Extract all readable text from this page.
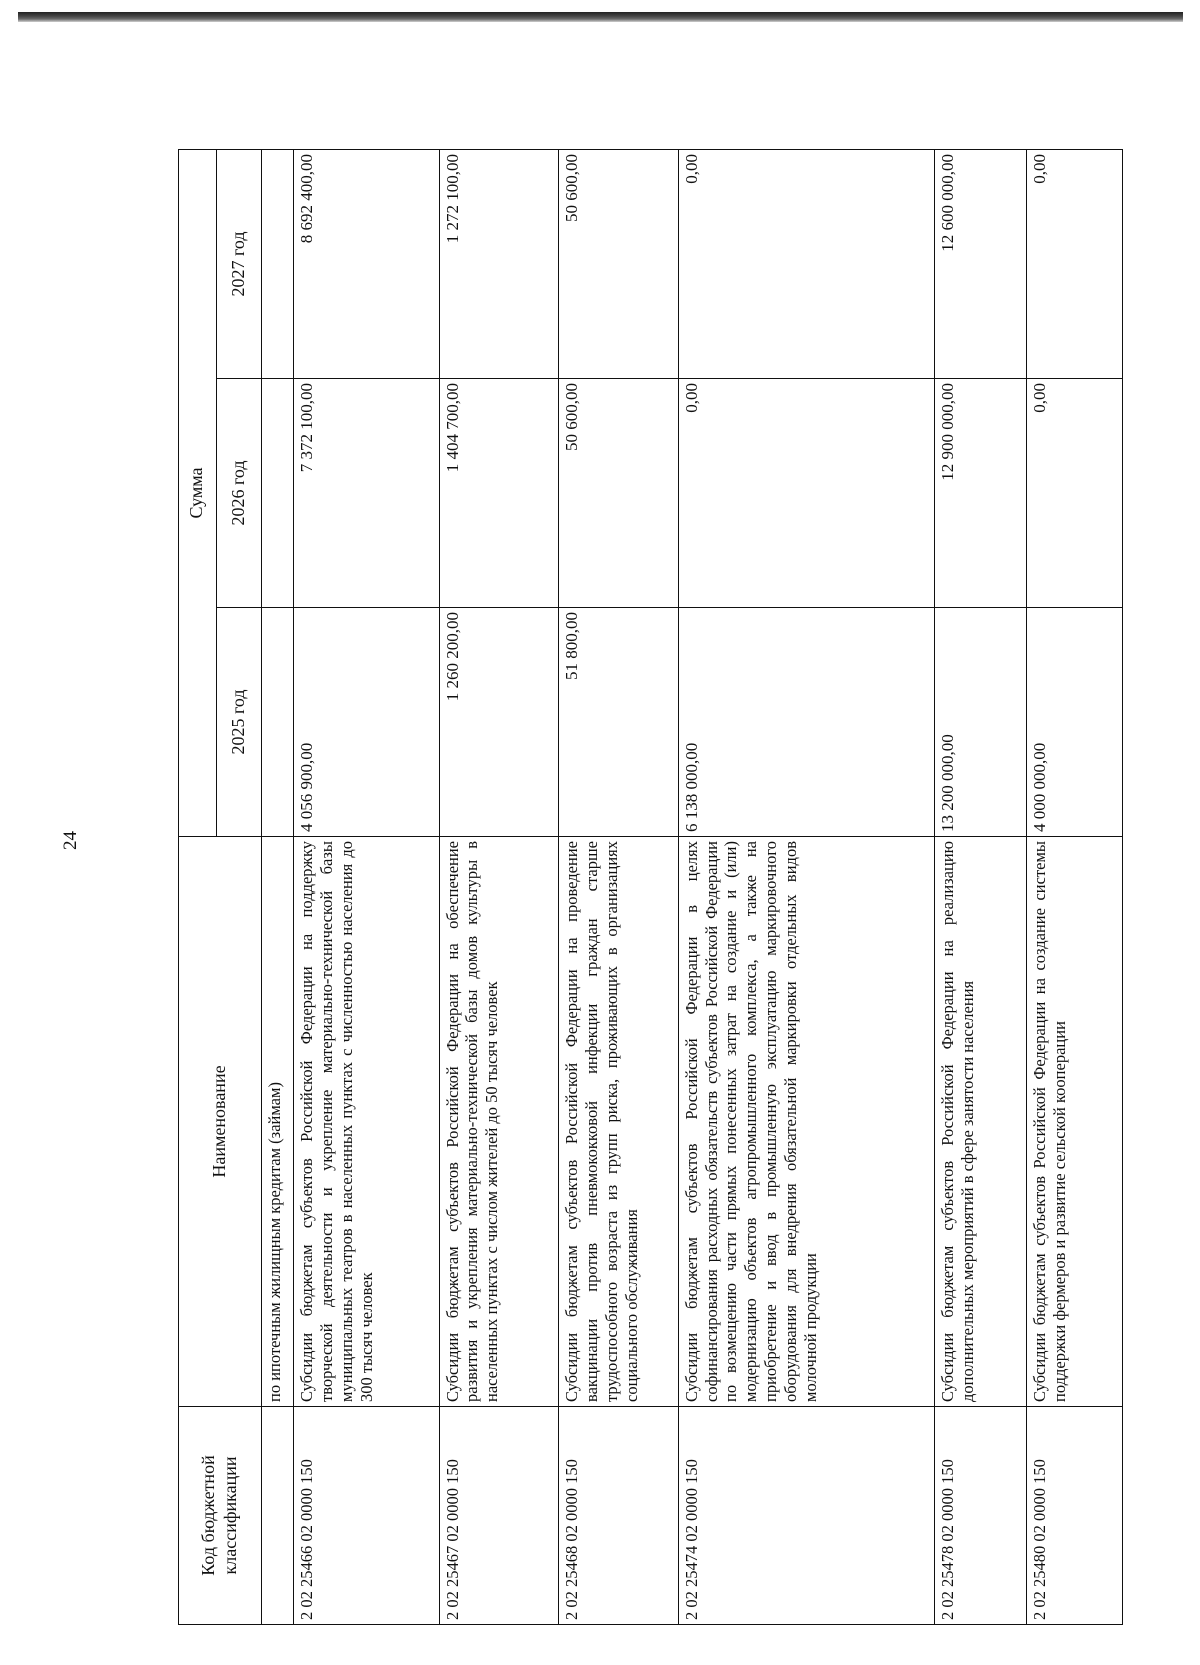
24
Код бюджетной классификации	Наименование	Сумма		
		2025 год	2026 год	2027 год
	по ипотечным жилищным кредитам (займам)			
2 02 25466 02 0000 150	Субсидии бюджетам субъектов Российской Федерации на поддержку творческой деятельности и укрепление материально-технической базы муниципальных театров в населенных пунктах с численностью населения до 300 тысяч человек	4 056 900,00	7 372 100,00	8 692 400,00
2 02 25467 02 0000 150	Субсидии бюджетам субъектов Российской Федерации на обеспечение развития и укрепления материально-технической базы домов культуры в населенных пунктах с числом жителей до 50 тысяч человек	1 260 200,00	1 404 700,00	1 272 100,00
2 02 25468 02 0000 150	Субсидии бюджетам субъектов Российской Федерации на проведение вакцинации против пневмококковой инфекции граждан старше трудоспособного возраста из групп риска, проживающих в организациях социального обслуживания	51 800,00	50 600,00	50 600,00
2 02 25474 02 0000 150	Субсидии бюджетам субъектов Российской Федерации в целях софинансирования расходных обязательств субъектов Российской Федерации по возмещению части прямых понесенных затрат на создание и (или) модернизацию объектов агропромышленного комплекса, а также на приобретение и ввод в промышленную эксплуатацию маркировочного оборудования для внедрения обязательной маркировки отдельных видов молочной продукции	6 138 000,00	0,00	0,00
2 02 25478 02 0000 150	Субсидии бюджетам субъектов Российской Федерации на реализацию дополнительных мероприятий в сфере занятости населения	13 200 000,00	12 900 000,00	12 600 000,00
2 02 25480 02 0000 150	Субсидии бюджетам субъектов Российской Федерации на создание системы поддержки фермеров и развитие сельской кооперации	4 000 000,00	0,00	0,00
